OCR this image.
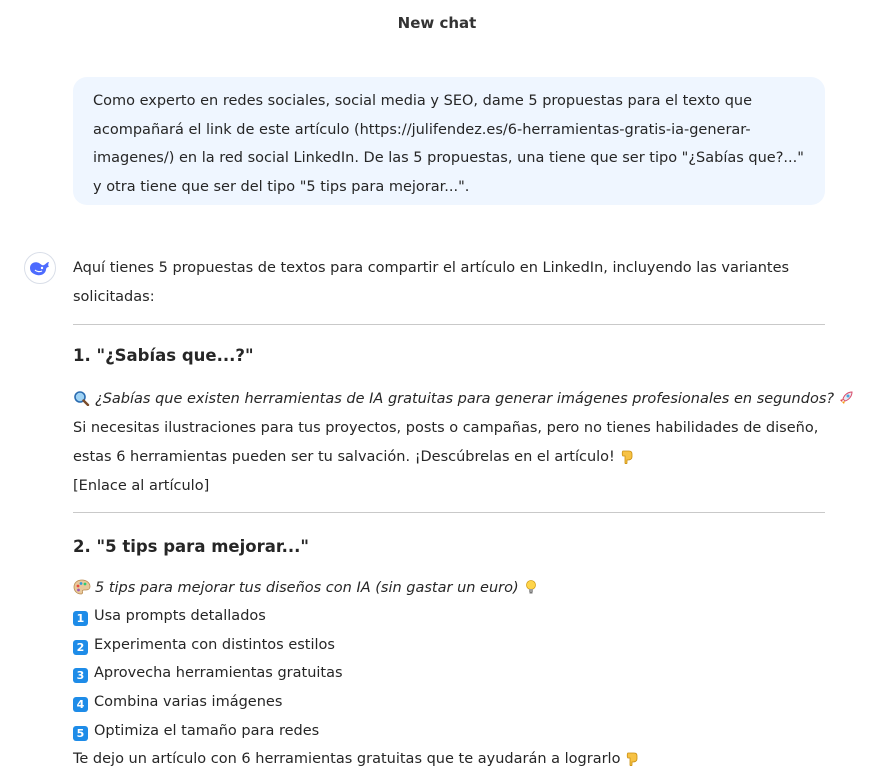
New chat
Como experto en redes sociales, social media y SEO, dame 5 propuestas para el texto que acompañará el link de este artículo (https://julifendez.es/6-herramientas-gratis-ia-generar-imagenes/) en la red social LinkedIn. De las 5 propuestas, una tiene que ser tipo "¿Sabías que?..." y otra tiene que ser del tipo "5 tips para mejorar...".
Aquí tienes 5 propuestas de textos para compartir el artículo en LinkedIn, incluyendo las variantes solicitadas:
1. "¿Sabías que...?"
¿Sabías que existen herramientas de IA gratuitas para generar imágenes profesionales en segundos?
Si necesitas ilustraciones para tus proyectos, posts o campañas, pero no tienes habilidades de diseño,
estas 6 herramientas pueden ser tu salvación. ¡Descúbrelas en el artículo!
[Enlace al artículo]
2. "5 tips para mejorar..."
5 tips para mejorar tus diseños con IA (sin gastar un euro)
1 Usa prompts detallados
2 Experimenta con distintos estilos
3 Aprovecha herramientas gratuitas
4 Combina varias imágenes
5 Optimiza el tamaño para redes
Te dejo un artículo con 6 herramientas gratuitas que te ayudarán a lograrlo
